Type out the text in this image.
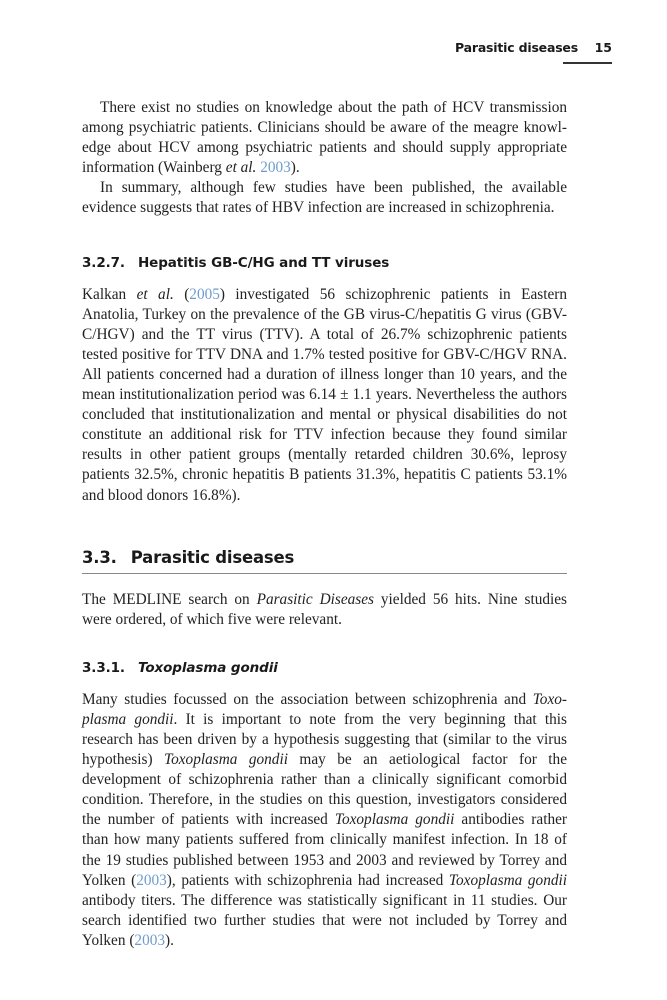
Parasitic diseases 15

There exist no studies on knowledge about the path of HCV transmission among psychiatric patients. Clinicians should be aware of the meagre knowledge about HCV among psychiatric patients and should supply appropriate information (Wainberg et al. 2003).

In summary, although few studies have been published, the available evidence suggests that rates of HBV infection are increased in schizophrenia.

3.2.7. Hepatitis GB-C/HG and TT viruses

Kalkan et al. (2005) investigated 56 schizophrenic patients in Eastern Anatolia, Turkey on the prevalence of the GB virus-C/hepatitis G virus (GBV-C/HGV) and the TT virus (TTV). A total of 26.7% schizophrenic patients tested positive for TTV DNA and 1.7% tested positive for GBV-C/HGV RNA. All patients concerned had a duration of illness longer than 10 years, and the mean institutionalization period was 6.14 ± 1.1 years. Nevertheless the authors concluded that institutionalization and mental or physical disabilities do not constitute an additional risk for TTV infection because they found similar results in other patient groups (mentally retarded children 30.6%, leprosy patients 32.5%, chronic hepatitis B patients 31.3%, hepatitis C patients 53.1% and blood donors 16.8%).

3.3. Parasitic diseases

The MEDLINE search on Parasitic Diseases yielded 56 hits. Nine studies were ordered, of which five were relevant.

3.3.1. Toxoplasma gondii

Many studies focussed on the association between schizophrenia and Toxoplasma gondii. It is important to note from the very beginning that this research has been driven by a hypothesis suggesting that (similar to the virus hypothesis) Toxoplasma gondii may be an aetiological factor for the development of schizophrenia rather than a clinically significant comorbid condition. Therefore, in the studies on this question, investigators considered the number of patients with increased Toxoplasma gondii antibodies rather than how many patients suffered from clinically manifest infection. In 18 of the 19 studies published between 1953 and 2003 and reviewed by Torrey and Yolken (2003), patients with schizophrenia had increased Toxoplasma gondii antibody titers. The difference was statistically significant in 11 studies. Our search identified two further studies that were not included by Torrey and Yolken (2003).
